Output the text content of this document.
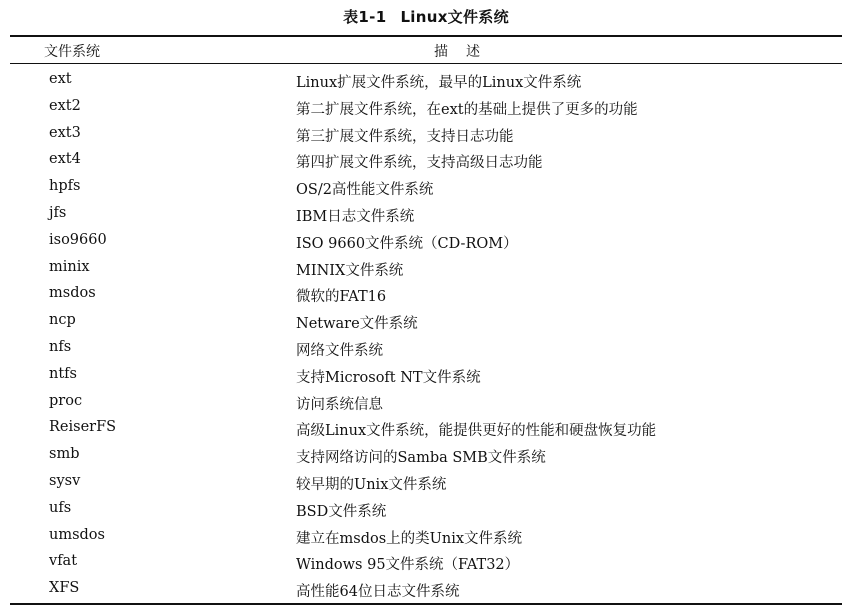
表1-1 Linux文件系统
文件系统	描述
ext	Linux扩展文件系统，最早的Linux文件系统
ext2	第二扩展文件系统，在ext的基础上提供了更多的功能
ext3	第三扩展文件系统，支持日志功能
ext4	第四扩展文件系统，支持高级日志功能
hpfs	OS/2高性能文件系统
jfs	IBM日志文件系统
iso9660	ISO 9660文件系统（CD-ROM）
minix	MINIX文件系统
msdos	微软的FAT16
ncp	Netware文件系统
nfs	网络文件系统
ntfs	支持Microsoft NT文件系统
proc	访问系统信息
ReiserFS	高级Linux文件系统，能提供更好的性能和硬盘恢复功能
smb	支持网络访问的Samba SMB文件系统
sysv	较早期的Unix文件系统
ufs	BSD文件系统
umsdos	建立在msdos上的类Unix文件系统
vfat	Windows 95文件系统（FAT32）
XFS	高性能64位日志文件系统
